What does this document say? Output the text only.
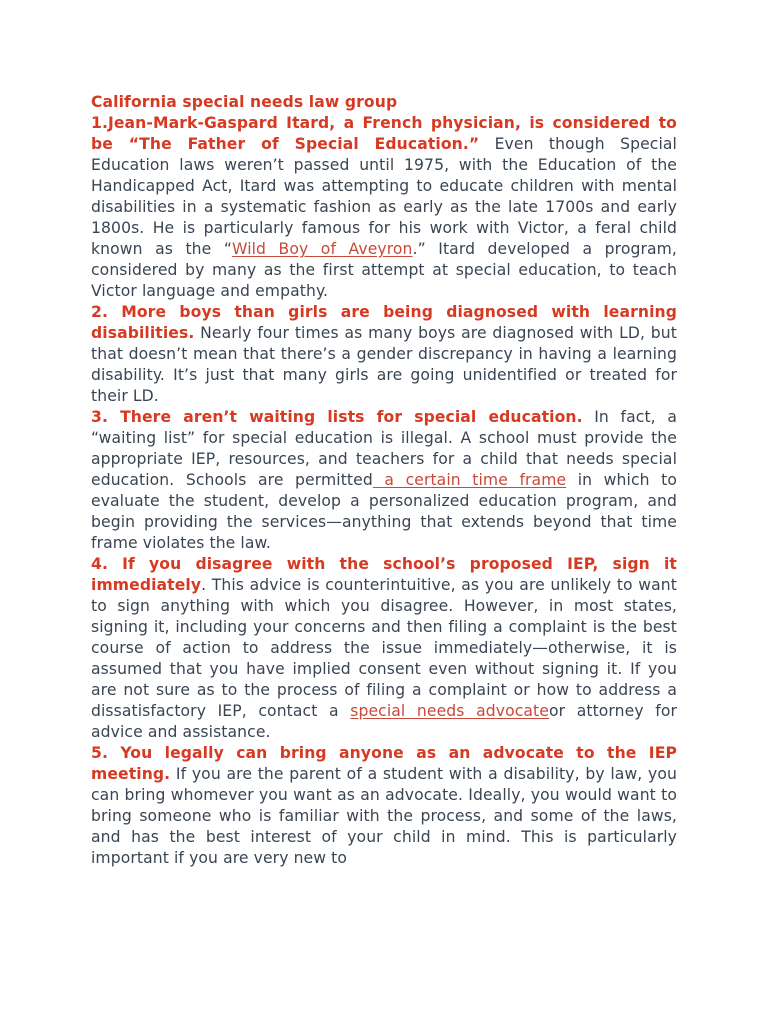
California special needs law group

1.Jean-Mark-Gaspard Itard, a French physician, is considered to be “The Father of Special Education.” Even though Special Education laws weren’t passed until 1975, with the Education of the Handicapped Act, Itard was attempting to educate children with mental disabilities in a systematic fashion as early as the late 1700s and early 1800s. He is particularly famous for his work with Victor, a feral child known as the “Wild Boy of Aveyron.” Itard developed a program, considered by many as the first attempt at special education, to teach Victor language and empathy.

2. More boys than girls are being diagnosed with learning disabilities. Nearly four times as many boys are diagnosed with LD, but that doesn’t mean that there’s a gender discrepancy in having a learning disability. It’s just that many girls are going unidentified or treated for their LD.

3. There aren’t waiting lists for special education. In fact, a “waiting list” for special education is illegal. A school must provide the appropriate IEP, resources, and teachers for a child that needs special education. Schools are permitted a certain time frame in which to evaluate the student, develop a personalized education program, and begin providing the services—anything that extends beyond that time frame violates the law.

4. If you disagree with the school’s proposed IEP, sign it immediately. This advice is counterintuitive, as you are unlikely to want to sign anything with which you disagree. However, in most states, signing it, including your concerns and then filing a complaint is the best course of action to address the issue immediately—otherwise, it is assumed that you have implied consent even without signing it. If you are not sure as to the process of filing a complaint or how to address a dissatisfactory IEP, contact a special needs advocateor attorney for advice and assistance.

5. You legally can bring anyone as an advocate to the IEP meeting. If you are the parent of a student with a disability, by law, you can bring whomever you want as an advocate. Ideally, you would want to bring someone who is familiar with the process, and some of the laws, and has the best interest of your child in mind. This is particularly important if you are very new to
